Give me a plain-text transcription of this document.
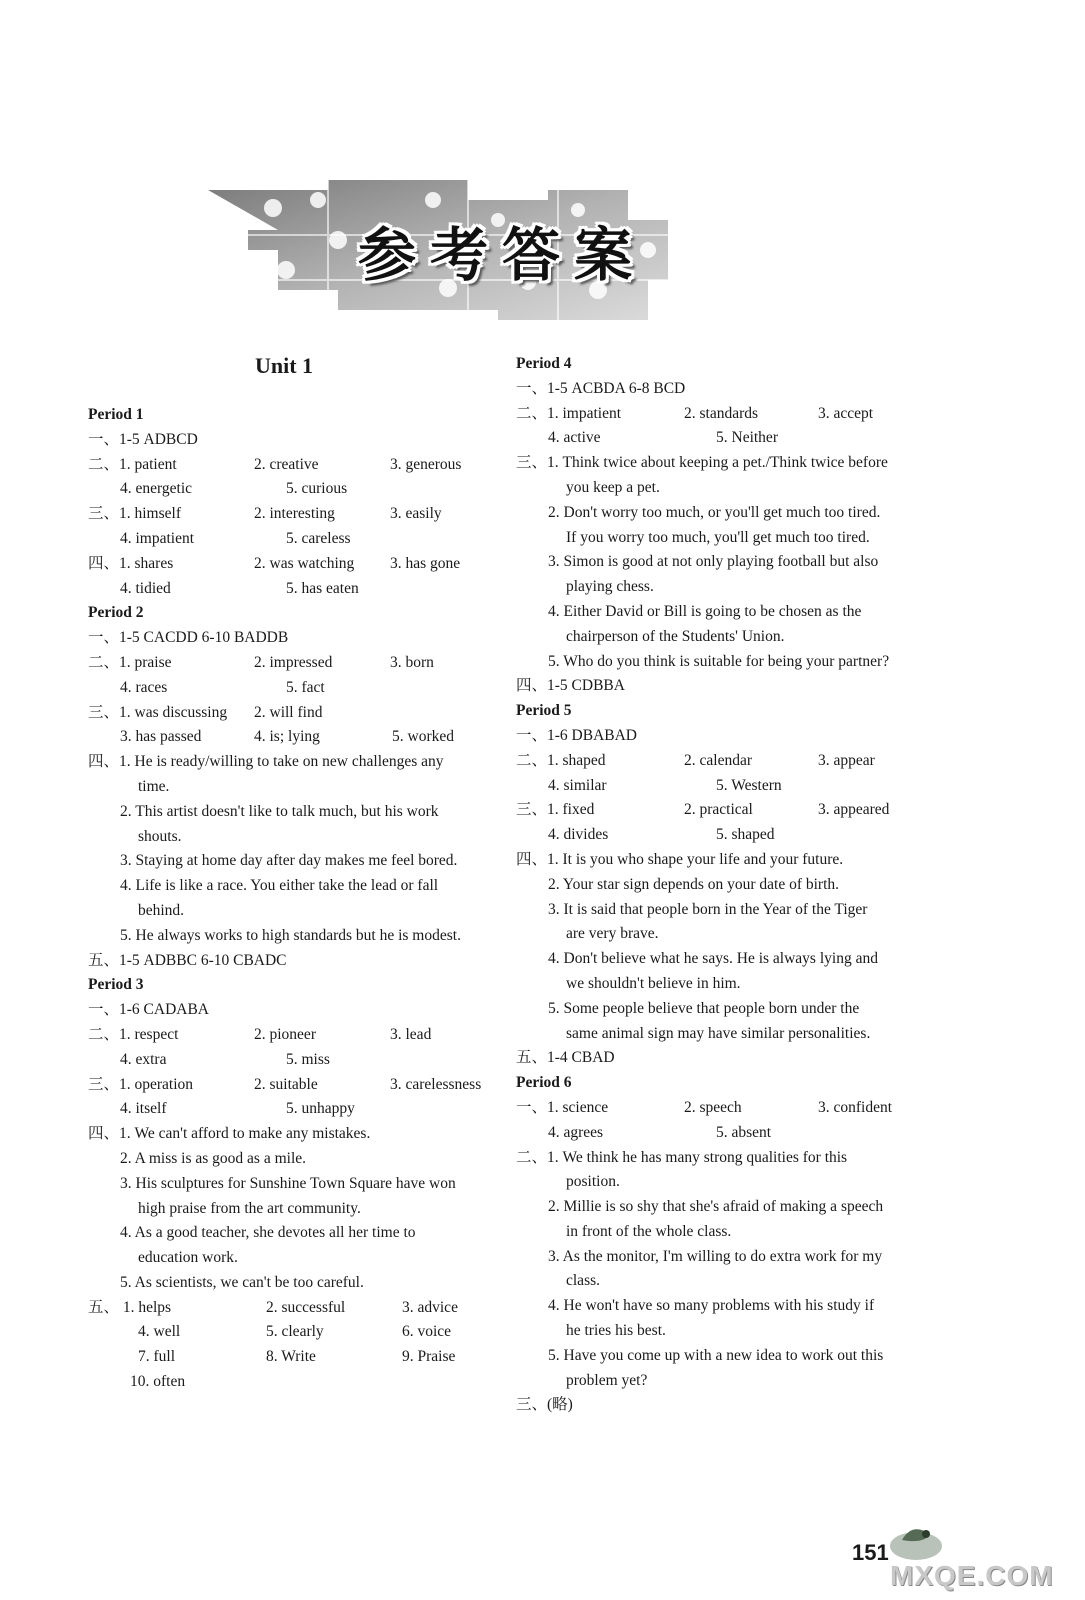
参考答案
Unit 1
Period 1
一、1-5 ADBCD
二、1. patient	2. creative	3. generous
4. energetic	5. curious
三、1. himself	2. interesting	3. easily
4. impatient	5. careless
四、1. shares	2. was watching 3. has gone
4. tidied	5. has eaten
Period 2
一、1-5 CACDD 6-10 BADDB
二、1. praise	2. impressed	3. born
4. races	5. fact
三、1. was discussing 2. will find
3. has passed	4. is; lying	5. worked
四、1. He is ready/willing to take on new challenges any
time.
2. This artist doesn't like to talk much, but his work
shouts.
3. Staying at home day after day makes me feel bored.
4. Life is like a race. You either take the lead or fall
behind.
5. He always works to high standards but he is modest.
五、1-5 ADBBC 6-10 CBADC
Period 3
一、1-6 CADABA
二、1. respect	2. pioneer	3. lead
4. extra	5. miss
三、1. operation	2. suitable	3. carelessness
4. itself	5. unhappy
四、1. We can't afford to make any mistakes.
2. A miss is as good as a mile.
3. His sculptures for Sunshine Town Square have won
high praise from the art community.
4. As a good teacher, she devotes all her time to
education work.
5. As scientists, we can't be too careful.
五、 1. helps	2. successful	3. advice
4. well	5. clearly	6. voice
7. full	8. Write	9. Praise
10. often
Period 4
一、1-5 ACBDA 6-8 BCD
二、1. impatient	2. standards	3. accept
4. active	5. Neither
三、1. Think twice about keeping a pet./Think twice before
you keep a pet.
2. Don't worry too much, or you'll get much too tired.
If you worry too much, you'll get much too tired.
3. Simon is good at not only playing football but also
playing chess.
4. Either David or Bill is going to be chosen as the
chairperson of the Students' Union.
5. Who do you think is suitable for being your partner?
四、1-5 CDBBA
Period 5
一、1-6 DBABAD
二、1. shaped	2. calendar	3. appear
4. similar	5. Western
三、1. fixed	2. practical	3. appeared
4. divides	5. shaped
四、1. It is you who shape your life and your future.
2. Your star sign depends on your date of birth.
3. It is said that people born in the Year of the Tiger
are very brave.
4. Don't believe what he says. He is always lying and
we shouldn't believe in him.
5. Some people believe that people born under the
same animal sign may have similar personalities.
五、1-4 CBAD
Period 6
一、1. science	2. speech	3. confident
4. agrees	5. absent
二、1. We think he has many strong qualities for this
position.
2. Millie is so shy that she's afraid of making a speech
in front of the whole class.
3. As the monitor, I'm willing to do extra work for my
class.
4. He won't have so many problems with his study if
he tries his best.
5. Have you come up with a new idea to work out this
problem yet?
三、(略)
151
MXQE.COM
